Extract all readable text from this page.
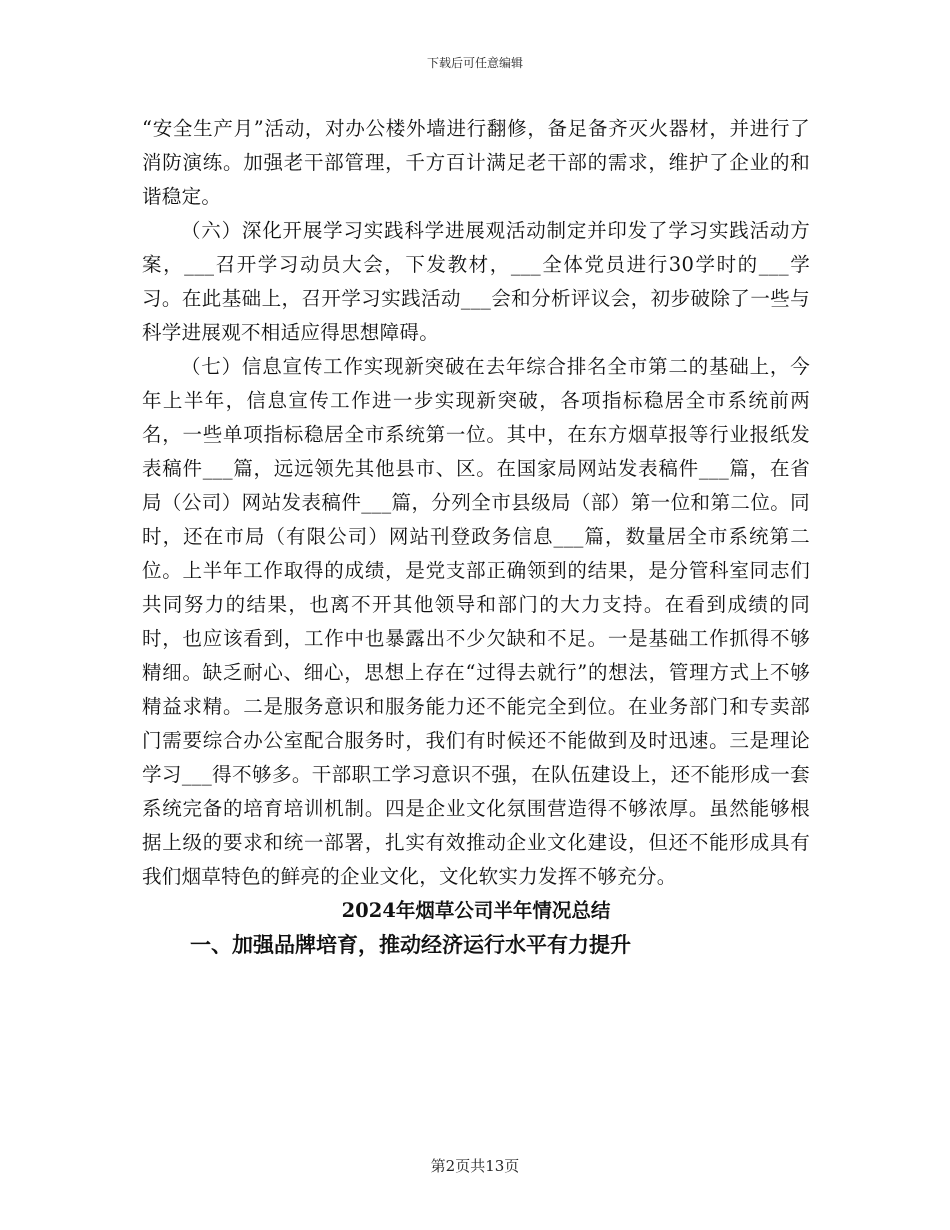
下载后可任意编辑

“安全生产月”活动，对办公楼外墙进行翻修，备足备齐灭火器材，并进行了消防演练。加强老干部管理，千方百计满足老干部的需求，维护了企业的和谐稳定。

（六）深化开展学习实践科学进展观活动制定并印发了学习实践活动方案，___召开学习动员大会，下发教材，___全体党员进行30学时的___学习。在此基础上，召开学习实践活动___会和分析评议会，初步破除了一些与科学进展观不相适应得思想障碍。

（七）信息宣传工作实现新突破在去年综合排名全市第二的基础上，今年上半年，信息宣传工作进一步实现新突破，各项指标稳居全市系统前两名，一些单项指标稳居全市系统第一位。其中，在东方烟草报等行业报纸发表稿件___篇，远远领先其他县市、区。在国家局网站发表稿件___篇，在省局（公司）网站发表稿件___篇，分列全市县级局（部）第一位和第二位。同时，还在市局（有限公司）网站刊登政务信息___篇，数量居全市系统第二位。上半年工作取得的成绩，是党支部正确领到的结果，是分管科室同志们共同努力的结果，也离不开其他领导和部门的大力支持。在看到成绩的同时，也应该看到，工作中也暴露出不少欠缺和不足。一是基础工作抓得不够精细。缺乏耐心、细心，思想上存在“过得去就行”的想法，管理方式上不够精益求精。二是服务意识和服务能力还不能完全到位。在业务部门和专卖部门需要综合办公室配合服务时，我们有时候还不能做到及时迅速。三是理论学习___得不够多。干部职工学习意识不强，在队伍建设上，还不能形成一套系统完备的培育培训机制。四是企业文化氛围营造得不够浓厚。虽然能够根据上级的要求和统一部署，扎实有效推动企业文化建设，但还不能形成具有我们烟草特色的鲜亮的企业文化，文化软实力发挥不够充分。

2024年烟草公司半年情况总结

一、加强品牌培育，推动经济运行水平有力提升

第2页共13页
